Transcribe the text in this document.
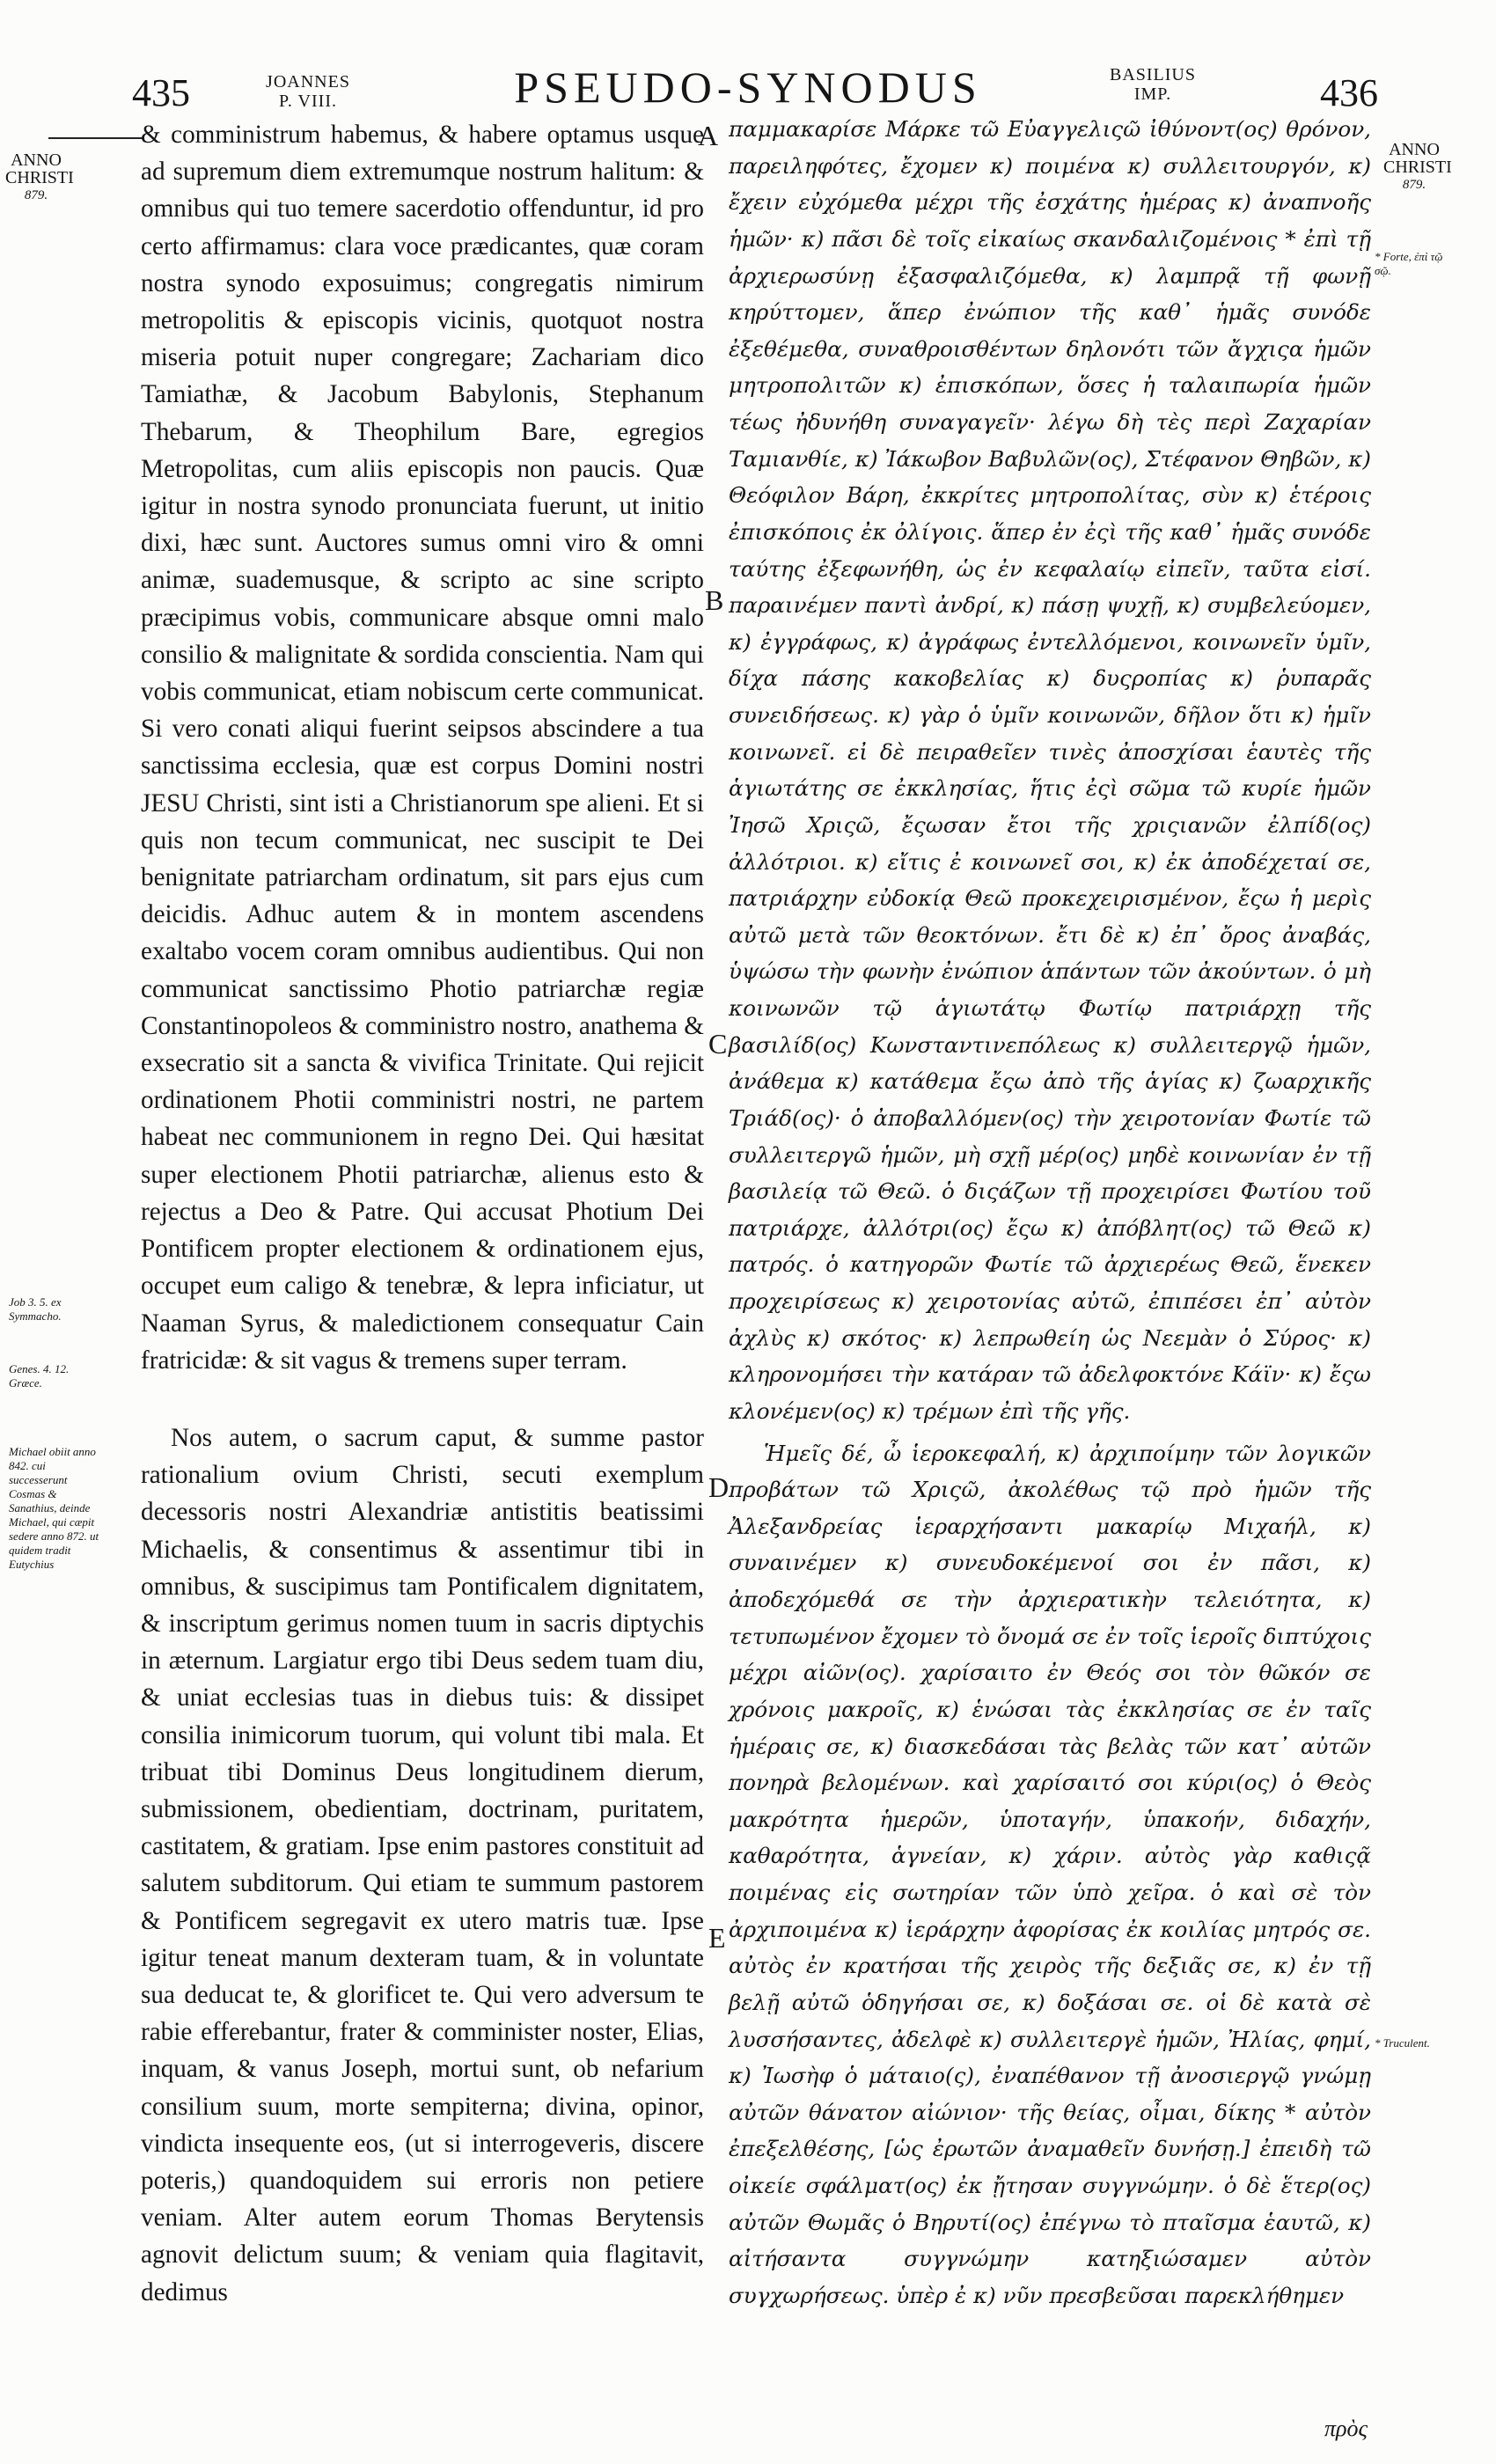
435	JOANNES
P. VIII.	PSEUDO-SYNODUS	BASILIUS
IMP.	436
ANNO
CHRISTI
879.
ANNO
CHRISTI
879.
Job 3. 5. ex Symmacho.
Genes. 4. 12. Græce.
Michael obiit anno 842. cui successerunt Cosmas & Sanathius, deinde Michael, qui cæpit sedere anno 872. ut quidem tradit Eutychius
* Forte, ἐπὶ τῷ σῷ.
* Truculent.
A
B
C
D
E

& comministrum habemus, & habere optamus usque ad supremum diem extremumque nostrum halitum: & omnibus qui tuo temere sacerdotio offenduntur, id pro certo affirmamus: clara voce prædicantes, quæ coram nostra synodo exposuimus; congregatis nimirum metropolitis & episcopis vicinis, quotquot nostra miseria potuit nuper congregare; Zachariam dico Tamiathæ, & Jacobum Babylonis, Stephanum Thebarum, & Theophilum Bare, egregios Metropolitas, cum aliis episcopis non paucis. Quæ igitur in nostra synodo pronunciata fuerunt, ut initio dixi, hæc sunt. Auctores sumus omni viro & omni animæ, suademusque, & scripto ac sine scripto præcipimus vobis, communicare absque omni malo consilio & malignitate & sordida conscientia. Nam qui vobis communicat, etiam nobiscum certe communicat. Si vero conati aliqui fuerint seipsos abscindere a tua sanctissima ecclesia, quæ est corpus Domini nostri JESU Christi, sint isti a Christianorum spe alieni. Et si quis non tecum communicat, nec suscipit te Dei benignitate patriarcham ordinatum, sit pars ejus cum deicidis. Adhuc autem & in montem ascendens exaltabo vocem coram omnibus audientibus. Qui non communicat sanctissimo Photio patriarchæ regiæ Constantinopoleos & comministro nostro, anathema & exsecratio sit a sancta & vivifica Trinitate. Qui rejicit ordinationem Photii comministri nostri, ne partem habeat nec communionem in regno Dei. Qui hæsitat super electionem Photii patriarchæ, alienus esto & rejectus a Deo & Patre. Qui accusat Photium Dei Pontificem propter electionem & ordinationem ejus, occupet eum caligo & tenebræ, & lepra inficiatur, ut Naaman Syrus, & maledictionem consequatur Cain fratricidæ: & sit vagus & tremens super terram.

Nos autem, o sacrum caput, & summe pastor rationalium ovium Christi, secuti exemplum decessoris nostri Alexandriæ antistitis beatissimi Michaelis, & consentimus & assentimur tibi in omnibus, & suscipimus tam Pontificalem dignitatem, & inscriptum gerimus nomen tuum in sacris diptychis in æternum. Largiatur ergo tibi Deus sedem tuam diu, & uniat ecclesias tuas in diebus tuis: & dissipet consilia inimicorum tuorum, qui volunt tibi mala. Et tribuat tibi Dominus Deus longitudinem dierum, submissionem, obedientiam, doctrinam, puritatem, castitatem, & gratiam. Ipse enim pastores constituit ad salutem subditorum. Qui etiam te summum pastorem & Pontificem segregavit ex utero matris tuæ. Ipse igitur teneat manum dexteram tuam, & in voluntate sua deducat te, & glorificet te. Qui vero adversum te rabie efferebantur, frater & comminister noster, Elias, inquam, & vanus Joseph, mortui sunt, ob nefarium consilium suum, morte sempiterna; divina, opinor, vindicta insequente eos, (ut si interrogeveris, discere poteris,) quandoquidem sui erroris non petiere veniam. Alter autem eorum Thomas Berytensis agnovit delictum suum; & veniam quia flagitavit, dedimus

παμμακαρίσε Μάρκε τῶ Εὐαγγελιςῶ ἰθύνοντ(ος) θρόνον, παρειληφότες, ἔχομεν κ) ποιμένα κ) συλλειτουργόν, κ) ἔχειν εὐχόμεθα μέχρι τῆς ἐσχάτης ἡμέρας κ) ἀναπνοῆς ἡμῶν· κ) πᾶσι δὲ τοῖς εἰκαίως σκανδαλιζομένοις * ἐπὶ τῇ ἀρχιερωσύνῃ ἐξασφαλιζόμεθα, κ) λαμπρᾷ τῇ φωνῇ κηρύττομεν, ἅπερ ἐνώπιον τῆς καθ᾽ ἡμᾶς συνόδε ἐξεθέμεθα, συναθροισθέντων δηλονότι τῶν ἄγχιςα ἡμῶν μητροπολιτῶν κ) ἐπισκόπων, ὅσες ἡ ταλαιπωρία ἡμῶν τέως ἠδυνήθη συναγαγεῖν· λέγω δὴ τὲς περὶ Ζαχαρίαν Ταμιανθίε, κ) Ἰάκωβον Βαβυλῶν(ος), Στέφανον Θηβῶν, κ) Θεόφιλον Βάρη, ἐκκρίτες μητροπολίτας, σὺν κ) ἑτέροις ἐπισκόποις ἐκ ὀλίγοις. ἅπερ ἐν ἐςὶ τῆς καθ᾽ ἡμᾶς συνόδε ταύτης ἐξεφωνήθη, ὡς ἐν κεφαλαίῳ εἰπεῖν, ταῦτα εἰσί. παραινέμεν παντὶ ἀνδρί, κ) πάσῃ ψυχῇ, κ) συμβελεύομεν, κ) ἐγγράφως, κ) ἀγράφως ἐντελλόμενοι, κοινωνεῖν ὑμῖν, δίχα πάσης κακοβελίας κ) δυςροπίας κ) ῥυπαρᾶς συνειδήσεως. κ) γὰρ ὁ ὑμῖν κοινωνῶν, δῆλον ὅτι κ) ἡμῖν κοινωνεῖ. εἰ δὲ πειραθεῖεν τινὲς ἀποσχίσαι ἑαυτὲς τῆς ἁγιωτάτης σε ἐκκλησίας, ἥτις ἐςὶ σῶμα τῶ κυρίε ἡμῶν Ἰησῶ Χριςῶ, ἔςωσαν ἔτοι τῆς χριςιανῶν ἐλπίδ(ος) ἀλλότριοι. κ) εἴτις ἐ κοινωνεῖ σοι, κ) ἐκ ἀποδέχεταί σε, πατριάρχην εὐδοκίᾳ Θεῶ προκεχειρισμένον, ἔςω ἡ μερὶς αὐτῶ μετὰ τῶν θεοκτόνων. ἔτι δὲ κ) ἐπ᾽ ὄρος ἀναβάς, ὑψώσω τὴν φωνὴν ἐνώπιον ἁπάντων τῶν ἀκούντων. ὁ μὴ κοινωνῶν τῷ ἁγιωτάτῳ Φωτίῳ πατριάρχῃ τῆς βασιλίδ(ος) Κωνσταντινεπόλεως κ) συλλειτεργῷ ἡμῶν, ἀνάθεμα κ) κατάθεμα ἔςω ἀπὸ τῆς ἁγίας κ) ζωαρχικῆς Τριάδ(ος)· ὁ ἀποβαλλόμεν(ος) τὴν χειροτονίαν Φωτίε τῶ συλλειτεργῶ ἡμῶν, μὴ σχῇ μέρ(ος) μηδὲ κοινωνίαν ἐν τῇ βασιλείᾳ τῶ Θεῶ. ὁ διςάζων τῇ προχειρίσει Φωτίου τοῦ πατριάρχε, ἀλλότρι(ος) ἔςω κ) ἀπόβλητ(ος) τῶ Θεῶ κ) πατρός. ὁ κατηγορῶν Φωτίε τῶ ἀρχιερέως Θεῶ, ἕνεκεν προχειρίσεως κ) χειροτονίας αὐτῶ, ἐπιπέσει ἐπ᾽ αὐτὸν ἀχλὺς κ) σκότος· κ) λεπρωθείη ὡς Νεεμὰν ὁ Σύρος· κ) κληρονομήσει τὴν κατάραν τῶ ἀδελφοκτόνε Κάϊν· κ) ἔςω κλονέμεν(ος) κ) τρέμων ἐπὶ τῆς γῆς.

Ἡμεῖς δέ, ὦ ἱεροκεφαλή, κ) ἀρχιποίμην τῶν λογικῶν προβάτων τῶ Χριςῶ, ἀκολέθως τῷ πρὸ ἡμῶν τῆς Ἀλεξανδρείας ἱεραρχήσαντι μακαρίῳ Μιχαήλ, κ) συναινέμεν κ) συνευδοκέμενοί σοι ἐν πᾶσι, κ) ἀποδεχόμεθά σε τὴν ἀρχιερατικὴν τελειότητα, κ) τετυπωμένον ἔχομεν τὸ ὄνομά σε ἐν τοῖς ἱεροῖς διπτύχοις μέχρι αἰῶν(ος). χαρίσαιτο ἐν Θεός σοι τὸν θῶκόν σε χρόνοις μακροῖς, κ) ἑνώσαι τὰς ἐκκλησίας σε ἐν ταῖς ἡμέραις σε, κ) διασκεδάσαι τὰς βελὰς τῶν κατ᾽ αὐτῶν πονηρὰ βελομένων. καὶ χαρίσαιτό σοι κύρι(ος) ὁ Θεὸς μακρότητα ἡμερῶν, ὑποταγήν, ὑπακοήν, διδαχήν, καθαρότητα, ἁγνείαν, κ) χάριν. αὐτὸς γὰρ καθιςᾷ ποιμένας εἰς σωτηρίαν τῶν ὑπὸ χεῖρα. ὁ καὶ σὲ τὸν ἀρχιποιμένα κ) ἱεράρχην ἀφορίσας ἐκ κοιλίας μητρός σε. αὐτὸς ἐν κρατήσαι τῆς χειρὸς τῆς δεξιᾶς σε, κ) ἐν τῇ βελῇ αὐτῶ ὁδηγήσαι σε, κ) δοξάσαι σε. οἱ δὲ κατὰ σὲ λυσσήσαντες, ἀδελφὲ κ) συλλειτεργὲ ἡμῶν, Ἠλίας, φημί, κ) Ἰωσὴφ ὁ μάταιο(ς), ἐναπέθανον τῇ ἀνοσιεργῷ γνώμῃ αὐτῶν θάνατον αἰώνιον· τῆς θείας, οἶμαι, δίκης * αὐτὸν ἐπεξελθέσης, [ὡς ἐρωτῶν ἀναμαθεῖν δυνήσῃ.] ἐπειδὴ τῶ οἰκείε σφάλματ(ος) ἐκ ᾔτησαν συγγνώμην. ὁ δὲ ἕτερ(ος) αὐτῶν Θωμᾶς ὁ Βηρυτί(ος) ἐπέγνω τὸ πταῖσμα ἑαυτῶ, κ) αἰτήσαντα συγγνώμην κατηξιώσαμεν αὐτὸν συγχωρήσεως. ὑπὲρ ἐ κ) νῦν πρεσβεῦσαι παρεκλήθημεν

πρὸς
